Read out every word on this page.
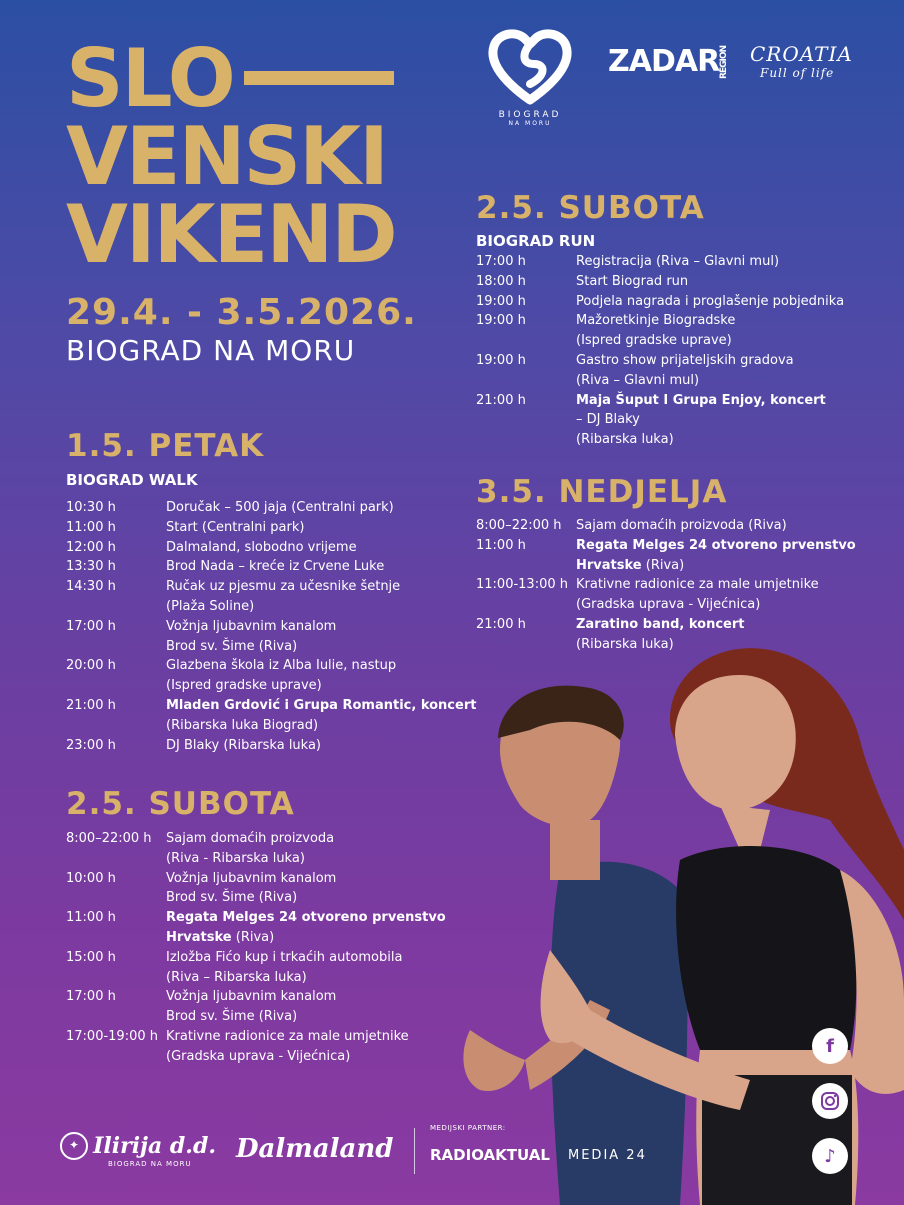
SLO
VENSKI
VIKEND
29.4. - 3.5.2026.
BIOGRAD NA MORU
BIOGRAD
NA MORU
ZADARREGION CROATIA
Full of life
2.5. SUBOTA
BIOGRAD RUN
17:00 h	Registracija (Riva – Glavni mul)
18:00 h	Start Biograd run
19:00 h	Podjela nagrada i proglašenje pobjednika
19:00 h	Mažoretkinje Biogradske
(Ispred gradske uprave)
19:00 h	Gastro show prijateljskih gradova
(Riva – Glavni mul)
21:00 h	Maja Šuput I Grupa Enjoy, koncert
– DJ Blaky
(Ribarska luka)
3.5. NEDJELJA
8:00–22:00 h	Sajam domaćih proizvoda (Riva)
11:00 h	Regata Melges 24 otvoreno prvenstvo
Hrvatske (Riva)
11:00-13:00 h Krativne radionice za male umjetnike
(Gradska uprava - Vijećnica)
21:00 h	Zaratino band, koncert
(Ribarska luka)
1.5. PETAK
BIOGRAD WALK
10:30 h	Doručak – 500 jaja (Centralni park)
11:00 h	Start (Centralni park)
12:00 h	Dalmaland, slobodno vrijeme
13:30 h	Brod Nada – kreće iz Crvene Luke
14:30 h	Ručak uz pjesmu za učesnike šetnje
(Plaža Soline)
17:00 h	Vožnja ljubavnim kanalom
Brod sv. Šime (Riva)
20:00 h	Glazbena škola iz Alba Iulie, nastup
(Ispred gradske uprave)
21:00 h	Mladen Grdović i Grupa Romantic, koncert
(Ribarska luka Biograd)
23:00 h	DJ Blaky (Ribarska luka)
2.5. SUBOTA
8:00–22:00 h	Sajam domaćih proizvoda
(Riva - Ribarska luka)
10:00 h	Vožnja ljubavnim kanalom
Brod sv. Šime (Riva)
11:00 h	Regata Melges 24 otvoreno prvenstvo
Hrvatske (Riva)
15:00 h	Izložba Fićo kup i trkaćih automobila
(Riva – Ribarska luka)
17:00 h	Vožnja ljubavnim kanalom
Brod sv. Šime (Riva)
17:00-19:00 h Krativne radionice za male umjetnike
(Gradska uprava - Vijećnica)	f
♪
✦ Ilirija d.d.
BIOGRAD NA MORU	Dalmaland
MEDIJSKI PARTNER:
RADIOAKTUAL MEDIA 24
